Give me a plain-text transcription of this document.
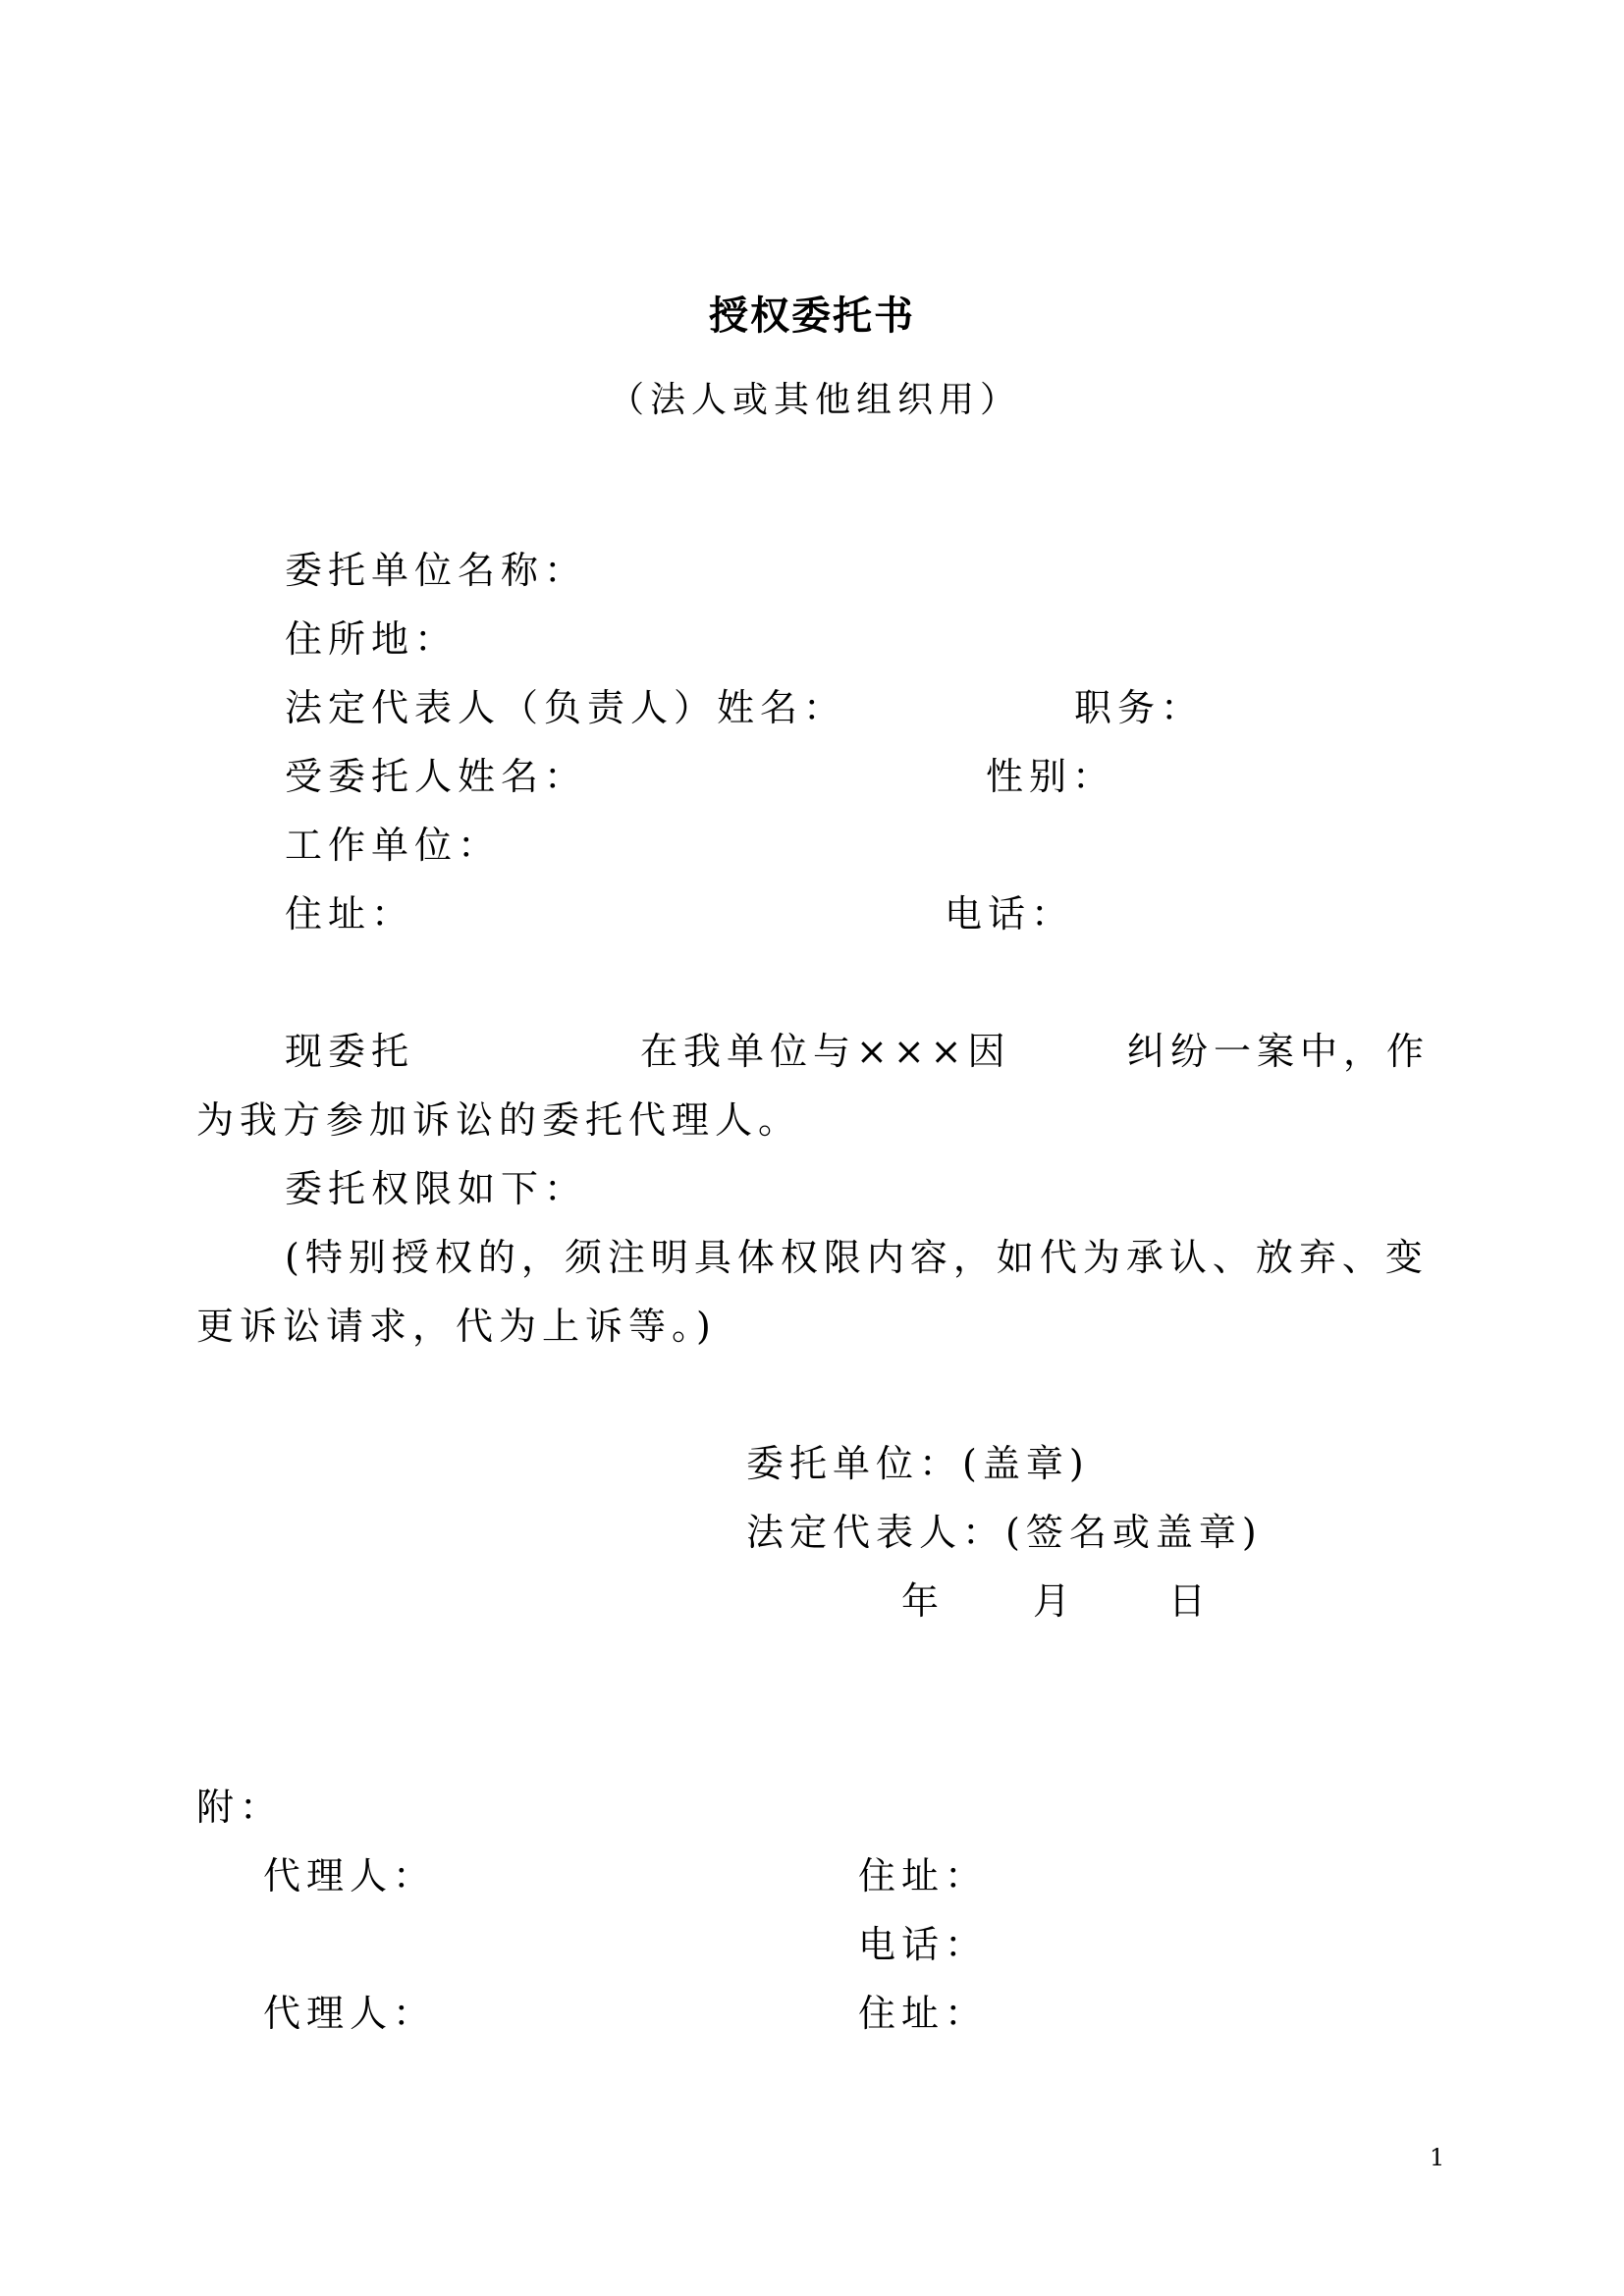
授权委托书
（法人或其他组织用）
委托单位名称：
住所地：
法定代表人（负责人）姓名：	职务：
受委托人姓名：	性别：
工作单位：
住址：	电话：
现委托	在我单位与×××因	纠纷一案中，作
为我方参加诉讼的委托代理人。
委托权限如下：
(特别授权的，须注明具体权限内容，如代为承认、放弃、变
更诉讼请求，代为上诉等。)
委托单位：(盖章)
法定代表人：(签名或盖章)
年 月 日
附：
代理人：	住址：
电话：
代理人：	住址：
1
